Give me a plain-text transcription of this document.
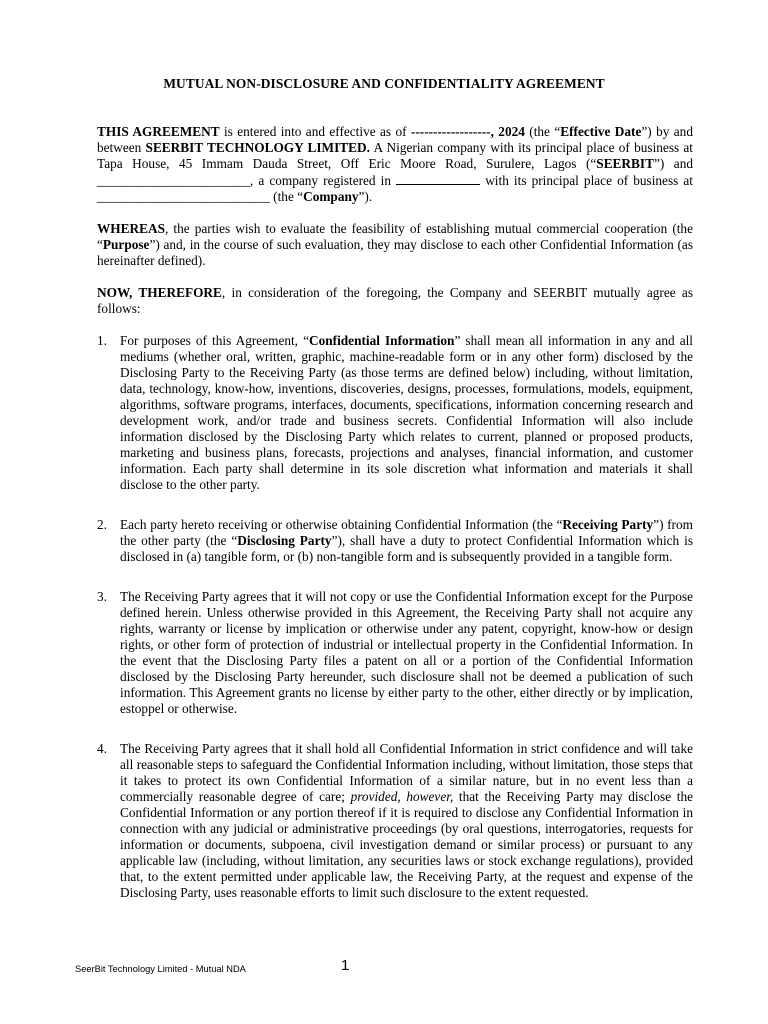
MUTUAL NON-DISCLOSURE AND CONFIDENTIALITY AGREEMENT

THIS AGREEMENT is entered into and effective as of ------------------, 2024 (the “Effective Date”) by and between SEERBIT TECHNOLOGY LIMITED. A Nigerian company with its principal place of business at Tapa House, 45 Immam Dauda Street, Off Eric Moore Road, Surulere, Lagos (“SEERBIT”) and _______________________, a company registered in	with its principal place of business at __________________________ (the “Company”).

WHEREAS, the parties wish to evaluate the feasibility of establishing mutual commercial cooperation (the “Purpose”) and, in the course of such evaluation, they may disclose to each other Confidential Information (as hereinafter defined).

NOW, THEREFORE, in consideration of the foregoing, the Company and SEERBIT mutually agree as follows:

1. For purposes of this Agreement, “Confidential Information” shall mean all information in any and all mediums (whether oral, written, graphic, machine-readable form or in any other form) disclosed by the Disclosing Party to the Receiving Party (as those terms are defined below) including, without limitation, data, technology, know-how, inventions, discoveries, designs, processes, formulations, models, equipment, algorithms, software programs, interfaces, documents, specifications, information concerning research and development work, and/or trade and business secrets. Confidential Information will also include information disclosed by the Disclosing Party which relates to current, planned or proposed products, marketing and business plans, forecasts, projections and analyses, financial information, and customer information. Each party shall determine in its sole discretion what information and materials it shall disclose to the other party.
2. Each party hereto receiving or otherwise obtaining Confidential Information (the “Receiving Party”) from the other party (the “Disclosing Party”), shall have a duty to protect Confidential Information which is disclosed in (a) tangible form, or (b) non-tangible form and is subsequently provided in a tangible form.
3. The Receiving Party agrees that it will not copy or use the Confidential Information except for the Purpose defined herein. Unless otherwise provided in this Agreement, the Receiving Party shall not acquire any rights, warranty or license by implication or otherwise under any patent, copyright, know-how or design rights, or other form of protection of industrial or intellectual property in the Confidential Information. In the event that the Disclosing Party files a patent on all or a portion of the Confidential Information disclosed by the Disclosing Party hereunder, such disclosure shall not be deemed a publication of such information. This Agreement grants no license by either party to the other, either directly or by implication, estoppel or otherwise.
4. The Receiving Party agrees that it shall hold all Confidential Information in strict confidence and will take all reasonable steps to safeguard the Confidential Information including, without limitation, those steps that it takes to protect its own Confidential Information of a similar nature, but in no event less than a commercially reasonable degree of care; provided, however, that the Receiving Party may disclose the Confidential Information or any portion thereof if it is required to disclose any Confidential Information in connection with any judicial or administrative proceedings (by oral questions, interrogatories, requests for information or documents, subpoena, civil investigation demand or similar process) or pursuant to any applicable law (including, without limitation, any securities laws or stock exchange regulations), provided that, to the extent permitted under applicable law, the Receiving Party, at the request and expense of the Disclosing Party, uses reasonable efforts to limit such disclosure to the extent requested.
SeerBit Technology Limited - Mutual NDA	1
